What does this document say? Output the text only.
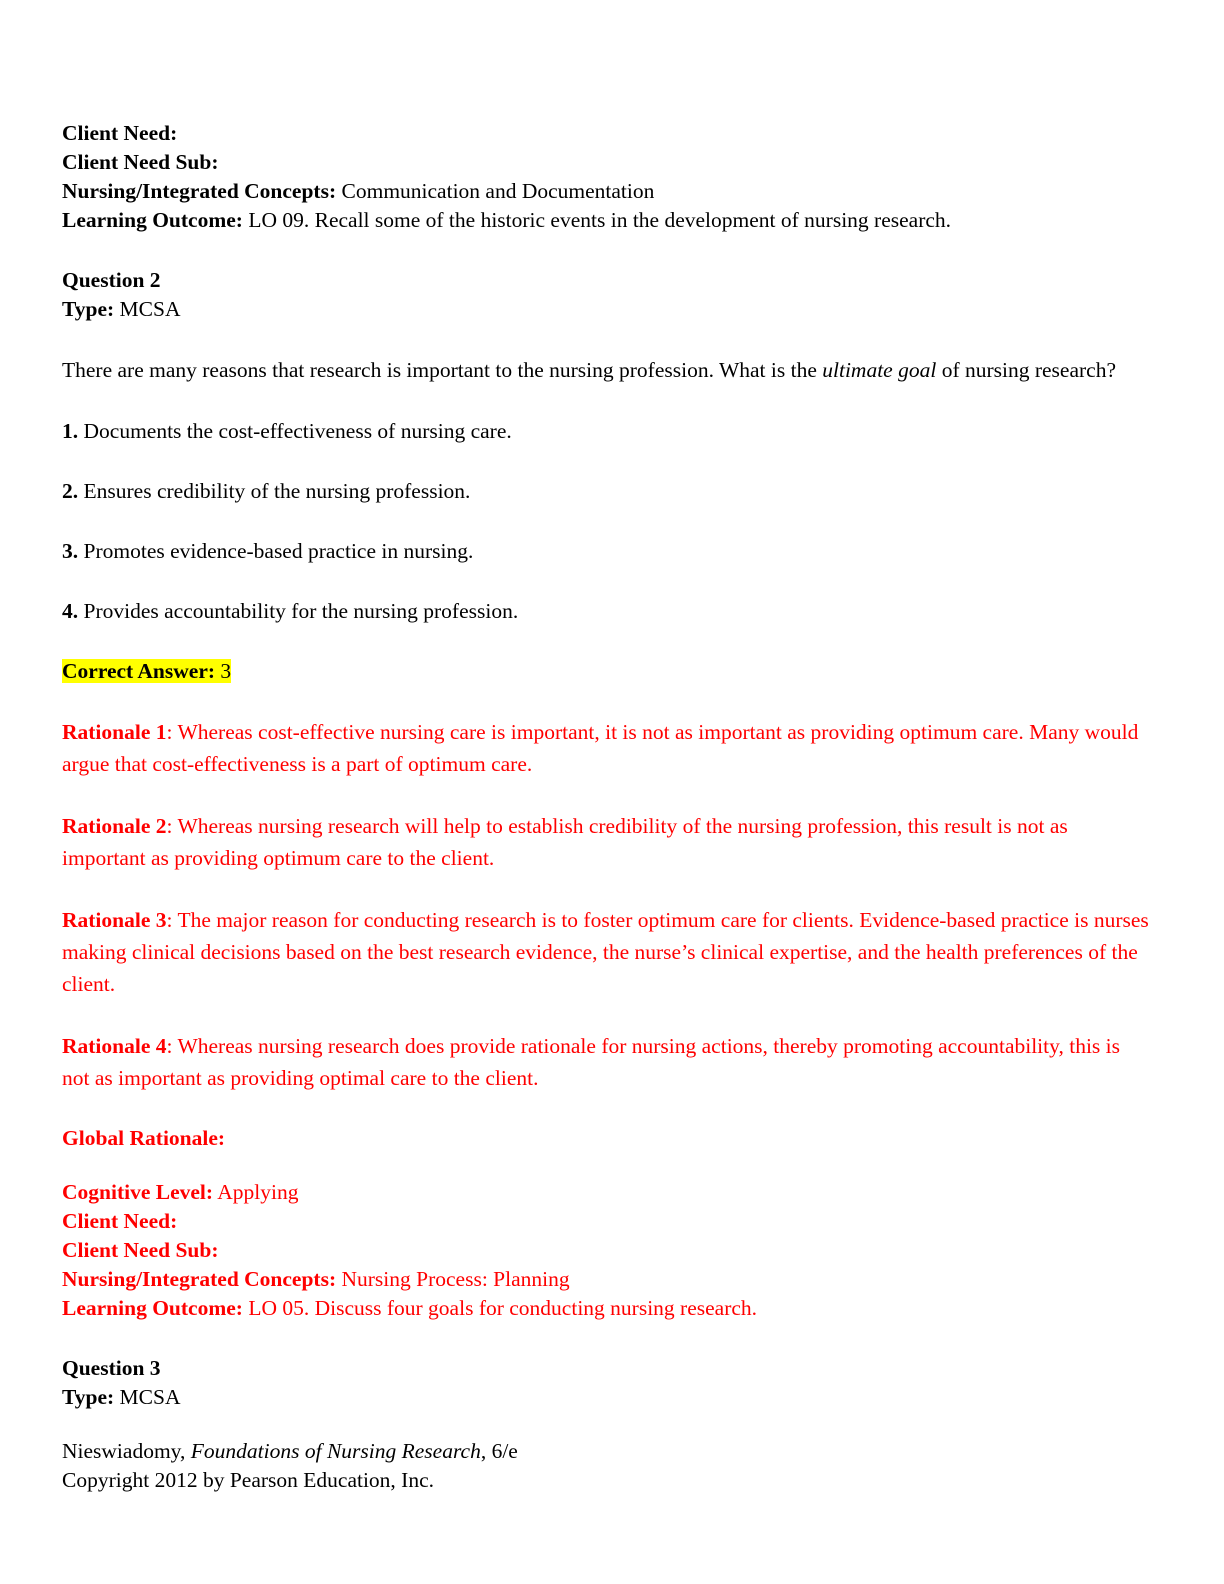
Client Need:
Client Need Sub:
Nursing/Integrated Concepts: Communication and Documentation
Learning Outcome: LO 09. Recall some of the historic events in the development of nursing research.
Question 2
Type: MCSA
There are many reasons that research is important to the nursing profession. What is the ultimate goal of nursing research?
1. Documents the cost-effectiveness of nursing care.
2. Ensures credibility of the nursing profession.
3. Promotes evidence-based practice in nursing.
4. Provides accountability for the nursing profession.
Correct Answer: 3
Rationale 1: Whereas cost-effective nursing care is important, it is not as important as providing optimum care. Many would argue that cost-effectiveness is a part of optimum care.
Rationale 2: Whereas nursing research will help to establish credibility of the nursing profession, this result is not as important as providing optimum care to the client.
Rationale 3: The major reason for conducting research is to foster optimum care for clients. Evidence-based practice is nurses making clinical decisions based on the best research evidence, the nurse’s clinical expertise, and the health preferences of the client.
Rationale 4: Whereas nursing research does provide rationale for nursing actions, thereby promoting accountability, this is not as important as providing optimal care to the client.
Global Rationale:
Cognitive Level: Applying
Client Need:
Client Need Sub:
Nursing/Integrated Concepts: Nursing Process: Planning
Learning Outcome: LO 05. Discuss four goals for conducting nursing research.
Question 3
Type: MCSA
Nieswiadomy, Foundations of Nursing Research, 6/e
Copyright 2012 by Pearson Education, Inc.
